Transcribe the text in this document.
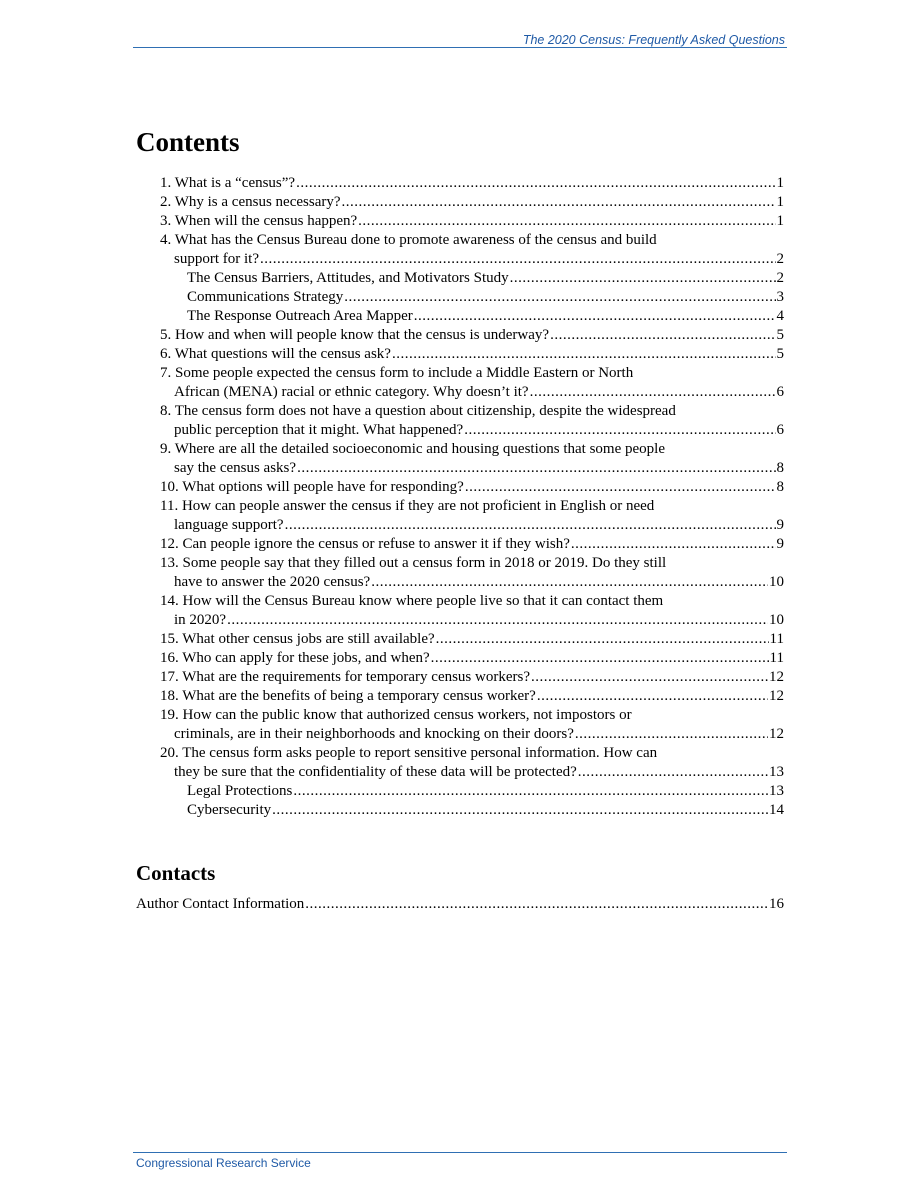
The 2020 Census: Frequently Asked Questions
Contents
1. What is a “census”? .....	1
2. Why is a census necessary? .....	1
3. When will the census happen? .....	1
4. What has the Census Bureau done to promote awareness of the census and build
support for it? .....	2
The Census Barriers, Attitudes, and Motivators Study .....	2
Communications Strategy .....	3
The Response Outreach Area Mapper .....	4
5. How and when will people know that the census is underway? .....	5
6. What questions will the census ask? .....	5
7. Some people expected the census form to include a Middle Eastern or North
African (MENA) racial or ethnic category. Why doesn’t it? .....	6
8. The census form does not have a question about citizenship, despite the widespread
public perception that it might. What happened? .....	6
9. Where are all the detailed socioeconomic and housing questions that some people
say the census asks? .....	8
10. What options will people have for responding? .....	8
11. How can people answer the census if they are not proficient in English or need
language support? .....	9
12. Can people ignore the census or refuse to answer it if they wish? .....	9
13. Some people say that they filled out a census form in 2018 or 2019. Do they still
have to answer the 2020 census? .....	10
14. How will the Census Bureau know where people live so that it can contact them
in 2020? .....	10
15. What other census jobs are still available? .....	11
16. Who can apply for these jobs, and when? .....	11
17. What are the requirements for temporary census workers? .....	12
18. What are the benefits of being a temporary census worker? .....	12
19. How can the public know that authorized census workers, not impostors or
criminals, are in their neighborhoods and knocking on their doors? .....	12
20. The census form asks people to report sensitive personal information. How can
they be sure that the confidentiality of these data will be protected? .....	13
Legal Protections .....	13
Cybersecurity .....	14
Contacts
Author Contact Information .....	16
Congressional Research Service
